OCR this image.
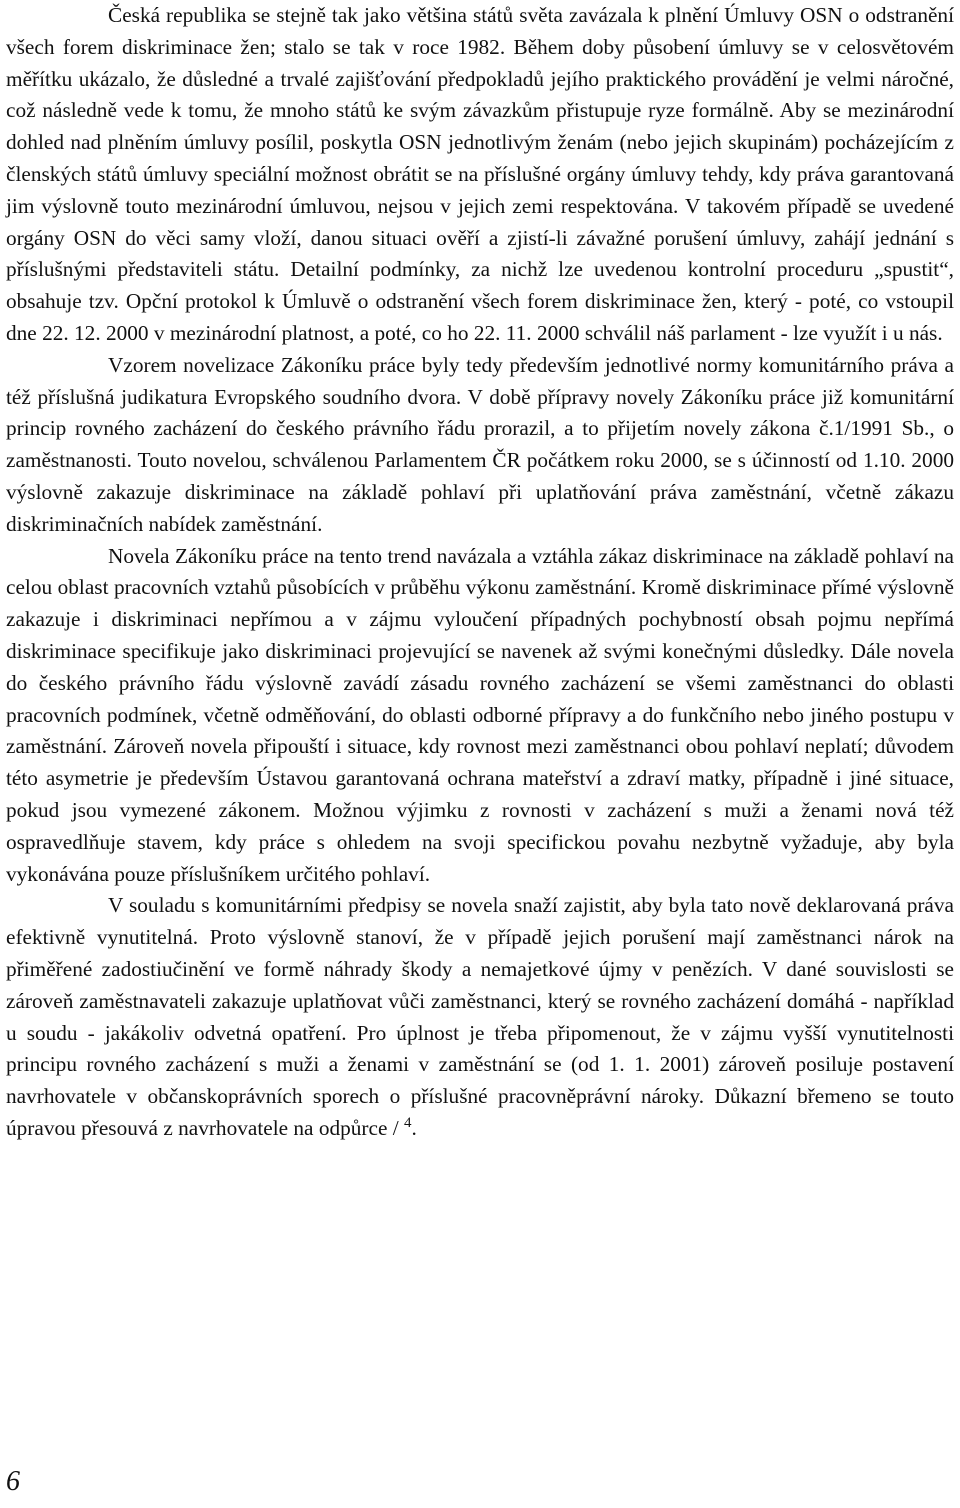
Česká republika se stejně tak jako většina států světa zavázala k plnění Úmluvy OSN o odstranění všech forem diskriminace žen; stalo se tak v roce 1982. Během doby působení úmluvy se v celosvětovém měřítku ukázalo, že důsledné a trvalé zajišťování předpokladů jejího praktického provádění je velmi náročné, což následně vede k tomu, že mnoho států ke svým závazkům přistupuje ryze formálně. Aby se mezinárodní dohled nad plněním úmluvy posílil, poskytla OSN jednotlivým ženám (nebo jejich skupinám) pocházejícím z členských států úmluvy speciální možnost obrátit se na příslušné orgány úmluvy tehdy, kdy práva garantovaná jim výslovně touto mezinárodní úmluvou, nejsou v jejich zemi respektována. V takovém případě se uvedené orgány OSN do věci samy vloží, danou situaci ověří a zjistí-li závažné porušení úmluvy, zahájí jednání s příslušnými představiteli státu. Detailní podmínky, za nichž lze uvedenou kontrolní proceduru „spustit“, obsahuje tzv. Opční protokol k Úmluvě o odstranění všech forem diskriminace žen, který - poté, co vstoupil dne 22. 12. 2000 v mezinárodní platnost, a poté, co ho 22. 11. 2000 schválil náš parlament - lze využít i u nás.

Vzorem novelizace Zákoníku práce byly tedy především jednotlivé normy komunitárního práva a též příslušná judikatura Evropského soudního dvora. V době přípravy novely Zákoníku práce již komunitární princip rovného zacházení do českého právního řádu prorazil, a to přijetím novely zákona č.1/1991 Sb., o zaměstnanosti. Touto novelou, schválenou Parlamentem ČR počátkem roku 2000, se s účinností od 1.10. 2000 výslovně zakazuje diskriminace na základě pohlaví při uplatňování práva zaměstnání, včetně zákazu diskriminačních nabídek zaměstnání.

Novela Zákoníku práce na tento trend navázala a vztáhla zákaz diskriminace na základě pohlaví na celou oblast pracovních vztahů působících v průběhu výkonu zaměstnání. Kromě diskriminace přímé výslovně zakazuje i diskriminaci nepřímou a v zájmu vyloučení případných pochybností obsah pojmu nepřímá diskriminace specifikuje jako diskriminaci projevující se navenek až svými konečnými důsledky. Dále novela do českého právního řádu výslovně zavádí zásadu rovného zacházení se všemi zaměstnanci do oblasti pracovních podmínek, včetně odměňování, do oblasti odborné přípravy a do funkčního nebo jiného postupu v zaměstnání. Zároveň novela připouští i situace, kdy rovnost mezi zaměstnanci obou pohlaví neplatí; důvodem této asymetrie je především Ústavou garantovaná ochrana mateřství a zdraví matky, případně i jiné situace, pokud jsou vymezené zákonem. Možnou výjimku z rovnosti v zacházení s muži a ženami nová též ospravedlňuje stavem, kdy práce s ohledem na svoji specifickou povahu nezbytně vyžaduje, aby byla vykonávána pouze příslušníkem určitého pohlaví.

V souladu s komunitárními předpisy se novela snaží zajistit, aby byla tato nově deklarovaná práva efektivně vynutitelná. Proto výslovně stanoví, že v případě jejich porušení mají zaměstnanci nárok na přiměřené zadostiučinění ve formě náhrady škody a nemajetkové újmy v penězích. V dané souvislosti se zároveň zaměstnavateli zakazuje uplatňovat vůči zaměstnanci, který se rovného zacházení domáhá - například u soudu - jakákoliv odvetná opatření. Pro úplnost je třeba připomenout, že v zájmu vyšší vynutitelnosti principu rovného zacházení s muži a ženami v zaměstnání se (od 1. 1. 2001) zároveň posiluje postavení navrhovatele v občanskoprávních sporech o příslušné pracovněprávní nároky. Důkazní břemeno se touto úpravou přesouvá z navrhovatele na odpůrce / $^4$.

6
